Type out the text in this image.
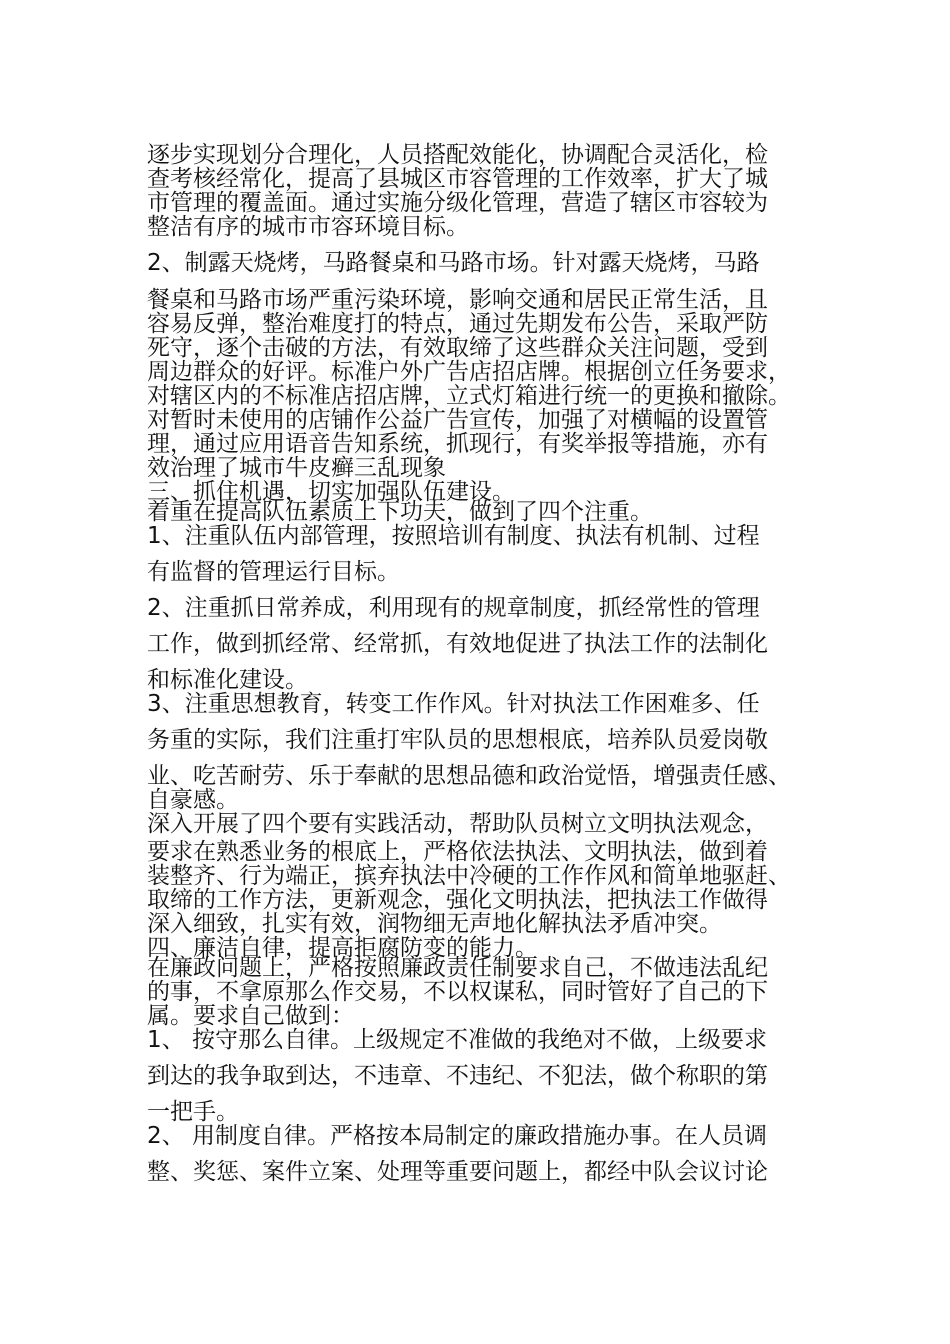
逐步实现划分合理化，人员搭配效能化，协调配合灵活化，检
查考核经常化，提高了县城区市容管理的工作效率，扩大了城
市管理的覆盖面。通过实施分级化管理，营造了辖区市容较为
整洁有序的城市市容环境目标。
2、制露天烧烤，马路餐桌和马路市场。针对露天烧烤，马路
餐桌和马路市场严重污染环境，影响交通和居民正常生活，且
容易反弹，整治难度打的特点，通过先期发布公告，采取严防
死守，逐个击破的方法，有效取缔了这些群众关注问题，受到
周边群众的好评。标准户外广告店招店牌。根据创立任务要求，
对辖区内的不标准店招店牌，立式灯箱进行统一的更换和撤除。
对暂时未使用的店铺作公益广告宣传，加强了对横幅的设置管
理，通过应用语音告知系统，抓现行，有奖举报等措施，亦有
效治理了城市牛皮癣三乱现象
三、抓住机遇，切实加强队伍建设。
着重在提高队伍素质上下功夫，做到了四个注重。
1、注重队伍内部管理，按照培训有制度、执法有机制、过程
有监督的管理运行目标。
2、注重抓日常养成，利用现有的规章制度，抓经常性的管理
工作，做到抓经常、经常抓，有效地促进了执法工作的法制化
和标准化建设。
3、注重思想教育，转变工作作风。针对执法工作困难多、任
务重的实际，我们注重打牢队员的思想根底，培养队员爱岗敬
业、吃苦耐劳、乐于奉献的思想品德和政治觉悟，增强责任感、
自豪感。
深入开展了四个要有实践活动，帮助队员树立文明执法观念，
要求在熟悉业务的根底上，严格依法执法、文明执法，做到着
装整齐、行为端正，摈弃执法中冷硬的工作作风和简单地驱赶、
取缔的工作方法，更新观念，强化文明执法，把执法工作做得
深入细致，扎实有效，润物细无声地化解执法矛盾冲突。
四、廉洁自律，提高拒腐防变的能力。
在廉政问题上，严格按照廉政责任制要求自己，不做违法乱纪
的事，不拿原那么作交易，不以权谋私，同时管好了自己的下
属。要求自己做到：
1、 按守那么自律。上级规定不准做的我绝对不做，上级要求
到达的我争取到达，不违章、不违纪、不犯法，做个称职的第
一把手。
2、 用制度自律。严格按本局制定的廉政措施办事。在人员调
整、奖惩、案件立案、处理等重要问题上，都经中队会议讨论
